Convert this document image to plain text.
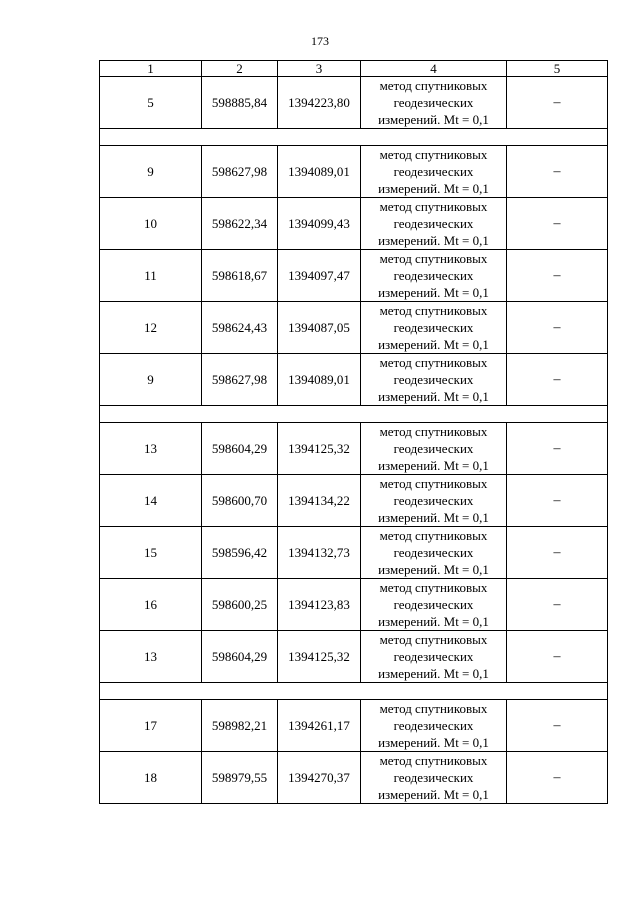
173
1	2	3	4	5
5	598885,84	1394223,80	метод спутниковых
геодезических
измерений. Mt = 0,1	–

9	598627,98	1394089,01	метод спутниковых
геодезических
измерений. Mt = 0,1	–
10	598622,34	1394099,43	метод спутниковых
геодезических
измерений. Mt = 0,1	–
11	598618,67	1394097,47	метод спутниковых
геодезических
измерений. Mt = 0,1	–
12	598624,43	1394087,05	метод спутниковых
геодезических
измерений. Mt = 0,1	–
9	598627,98	1394089,01	метод спутниковых
геодезических
измерений. Mt = 0,1	–

13	598604,29	1394125,32	метод спутниковых
геодезических
измерений. Mt = 0,1	–
14	598600,70	1394134,22	метод спутниковых
геодезических
измерений. Mt = 0,1	–
15	598596,42	1394132,73	метод спутниковых
геодезических
измерений. Mt = 0,1	–
16	598600,25	1394123,83	метод спутниковых
геодезических
измерений. Mt = 0,1	–
13	598604,29	1394125,32	метод спутниковых
геодезических
измерений. Mt = 0,1	–

17	598982,21	1394261,17	метод спутниковых
геодезических
измерений. Mt = 0,1	–
18	598979,55	1394270,37	метод спутниковых
геодезических
измерений. Mt = 0,1	–
